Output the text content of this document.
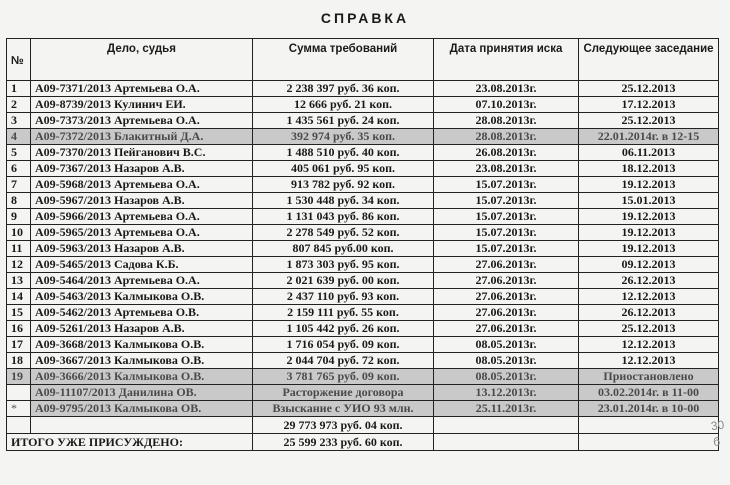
СПРАВКА
№	Дело, судья	Сумма требований	Дата принятия иска	Следующее заседание
1	А09-7371/2013 Артемьева О.А.	2 238 397 руб. 36 коп.	23.08.2013г.	25.12.2013
2	А09-8739/2013 Кулинич ЕИ.	12 666 руб. 21 коп.	07.10.2013г.	17.12.2013
3	А09-7373/2013 Артемьева О.А.	1 435 561 руб. 24 коп.	28.08.2013г.	25.12.2013
4	А09-7372/2013 Блакитный Д.А.	392 974 руб. 35 коп.	28.08.2013г.	22.01.2014г. в 12-15
5	А09-7370/2013 Пейганович В.С.	1 488 510 руб. 40 коп.	26.08.2013г.	06.11.2013
6	А09-7367/2013 Назаров А.В.	405 061 руб. 95 коп.	23.08.2013г.	18.12.2013
7	А09-5968/2013 Артемьева О.А.	913 782 руб. 92 коп.	15.07.2013г.	19.12.2013
8	А09-5967/2013 Назаров А.В.	1 530 448 руб. 34 коп.	15.07.2013г.	15.01.2013
9	А09-5966/2013 Артемьева О.А.	1 131 043 руб. 86 коп.	15.07.2013г.	19.12.2013
10	А09-5965/2013 Артемьева О.А.	2 278 549 руб. 52 коп.	15.07.2013г.	19.12.2013
11	А09-5963/2013 Назаров А.В.	807 845 руб.00 коп.	15.07.2013г.	19.12.2013
12	А09-5465/2013 Садова К.Б.	1 873 303 руб. 95 коп.	27.06.2013г.	09.12.2013
13	А09-5464/2013 Артемьева О.А.	2 021 639 руб. 00 коп.	27.06.2013г.	26.12.2013
14	А09-5463/2013 Калмыкова О.В.	2 437 110 руб. 93 коп.	27.06.2013г.	12.12.2013
15	А09-5462/2013 Артемьева О.В.	2 159 111 руб. 55 коп.	27.06.2013г.	26.12.2013
16	А09-5261/2013 Назаров А.В.	1 105 442 руб. 26 коп.	27.06.2013г.	25.12.2013
17	А09-3668/2013 Калмыкова О.В.	1 716 054 руб. 09 коп.	08.05.2013г.	12.12.2013
18	А09-3667/2013 Калмыкова О.В.	2 044 704 руб. 72 коп.	08.05.2013г.	12.12.2013
19	А09-3666/2013 Калмыкова О.В.	3 781 765 руб. 09 коп.	08.05.2013г.	Приостановлено
	А09-11107/2013 Данилина ОВ.	Расторжение договора	13.12.2013г.	03.02.2014г. в 11-00
*	А09-9795/2013 Калмыкова ОВ.	Взыскание с УИО 93 млн.	25.11.2013г.	23.01.2014г. в 10-00
		29 773 973 руб. 04 коп.		
ИТОГО УЖЕ ПРИСУЖДЕНО:		25 599 233 руб. 60 коп.		
30 б
